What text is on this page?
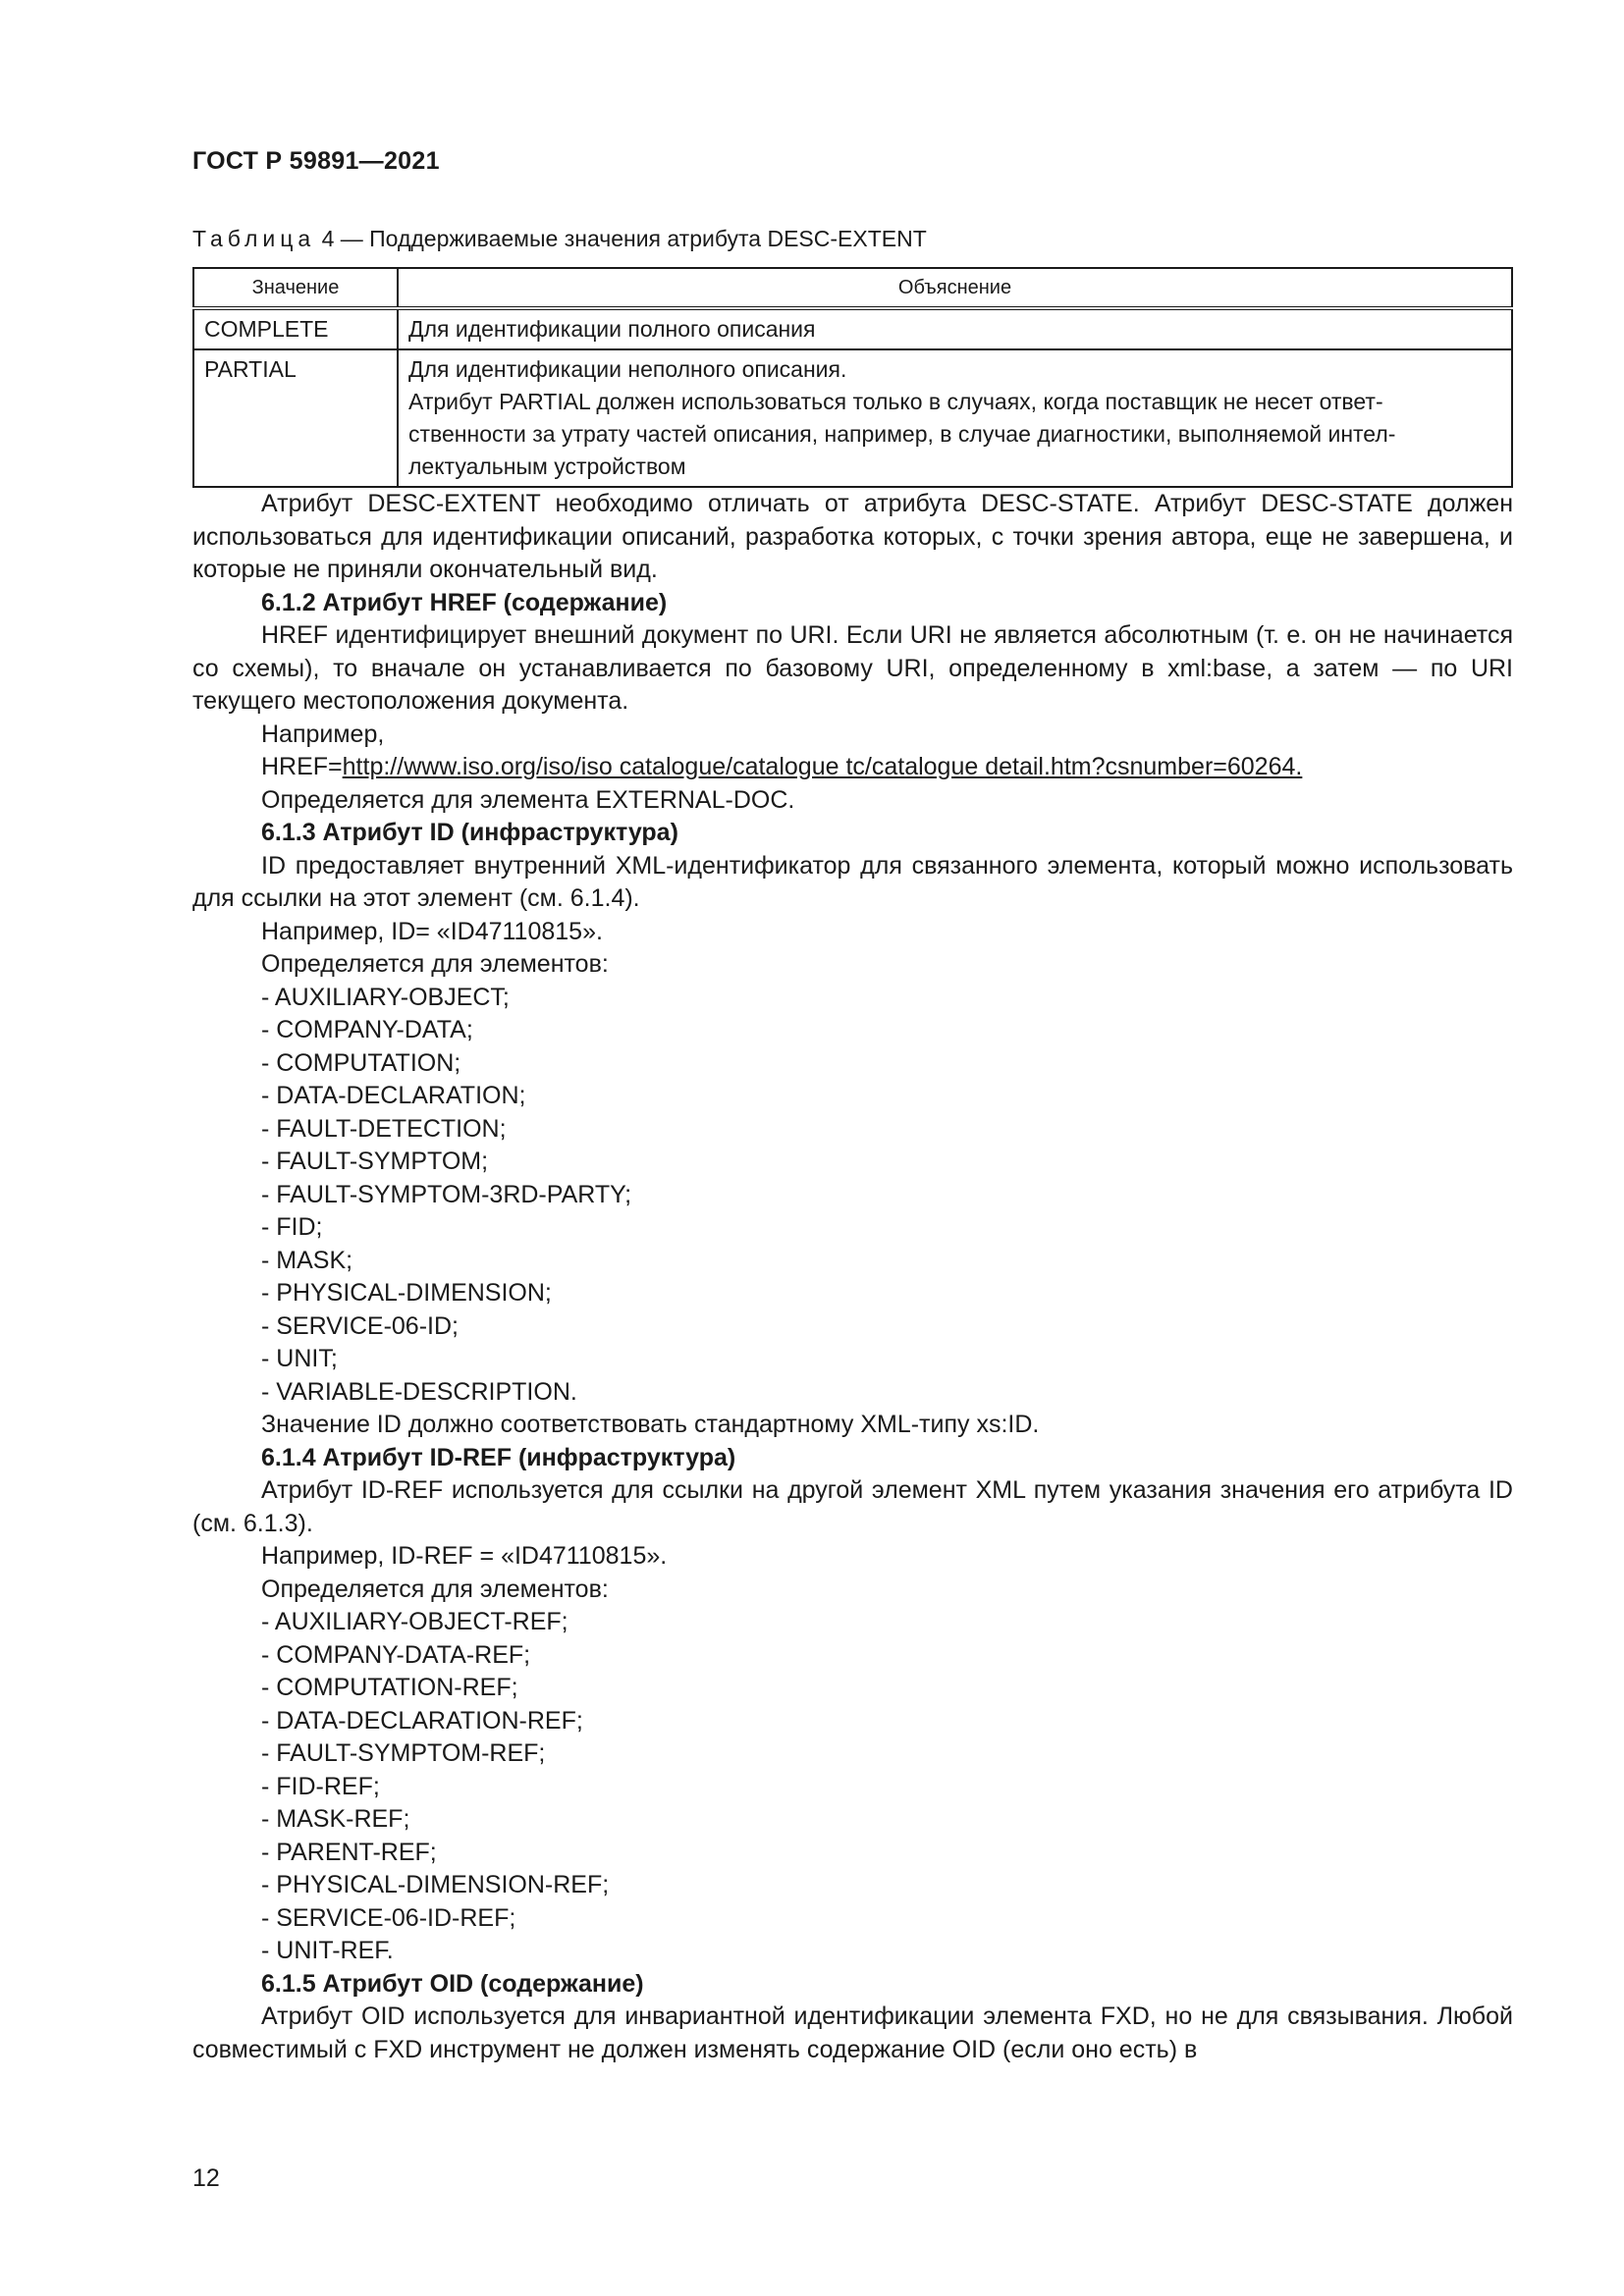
ГОСТ Р 59891—2021
Таблица 4 — Поддерживаемые значения атрибута DESC-EXTENT
Значение	Объяснение
COMPLETE	Для идентификации полного описания

PARTIAL	Для идентификации неполного описания.
Атрибут PARTIAL должен использоваться только в случаях, когда поставщик не несет ответ-
ственности за утрату частей описания, например, в случае диагностики, выполняемой интел-
лектуальным устройством
Атрибут DESC-EXTENT необходимо отличать от атрибута DESC-STATE. Атрибут DESC-STATE должен использоваться для идентификации описаний, разработка которых, с точки зрения автора, еще не завершена, и которые не приняли окончательный вид.
6.1.2 Атрибут HREF (содержание)
HREF идентифицирует внешний документ по URI. Если URI не является абсолютным (т. е. он не начинается со схемы), то вначале он устанавливается по базовому URI, определенному в xml:base, а затем — по URI текущего местоположения документа.
Например,
HREF=http://www.iso.org/iso/iso catalogue/catalogue tc/catalogue detail.htm?csnumber=60264.
Определяется для элемента EXTERNAL-DOC.
6.1.3 Атрибут ID (инфраструктура)
ID предоставляет внутренний XML-идентификатор для связанного элемента, который можно использовать для ссылки на этот элемент (см. 6.1.4).
Например, ID= «ID47110815».
Определяется для элементов:
- AUXILIARY-OBJECT;
- COMPANY-DATA;
- COMPUTATION;
- DATA-DECLARATION;
- FAULT-DETECTION;
- FAULT-SYMPTOM;
- FAULT-SYMPTOM-3RD-PARTY;
- FID;
- MASK;
- PHYSICAL-DIMENSION;
- SERVICE-06-ID;
- UNIT;
- VARIABLE-DESCRIPTION.
Значение ID должно соответствовать стандартному XML-типу xs:ID.
6.1.4 Атрибут ID-REF (инфраструктура)
Атрибут ID-REF используется для ссылки на другой элемент XML путем указания значения его атрибута ID (см. 6.1.3).
Например, ID-REF = «ID47110815».
Определяется для элементов:
- AUXILIARY-OBJECT-REF;
- COMPANY-DATA-REF;
- COMPUTATION-REF;
- DATA-DECLARATION-REF;
- FAULT-SYMPTOM-REF;
- FID-REF;
- MASK-REF;
- PARENT-REF;
- PHYSICAL-DIMENSION-REF;
- SERVICE-06-ID-REF;
- UNIT-REF.
6.1.5 Атрибут OID (содержание)
Атрибут OID используется для инвариантной идентификации элемента FXD, но не для связывания. Любой совместимый с FXD инструмент не должен изменять содержание OID (если оно есть) в
12
